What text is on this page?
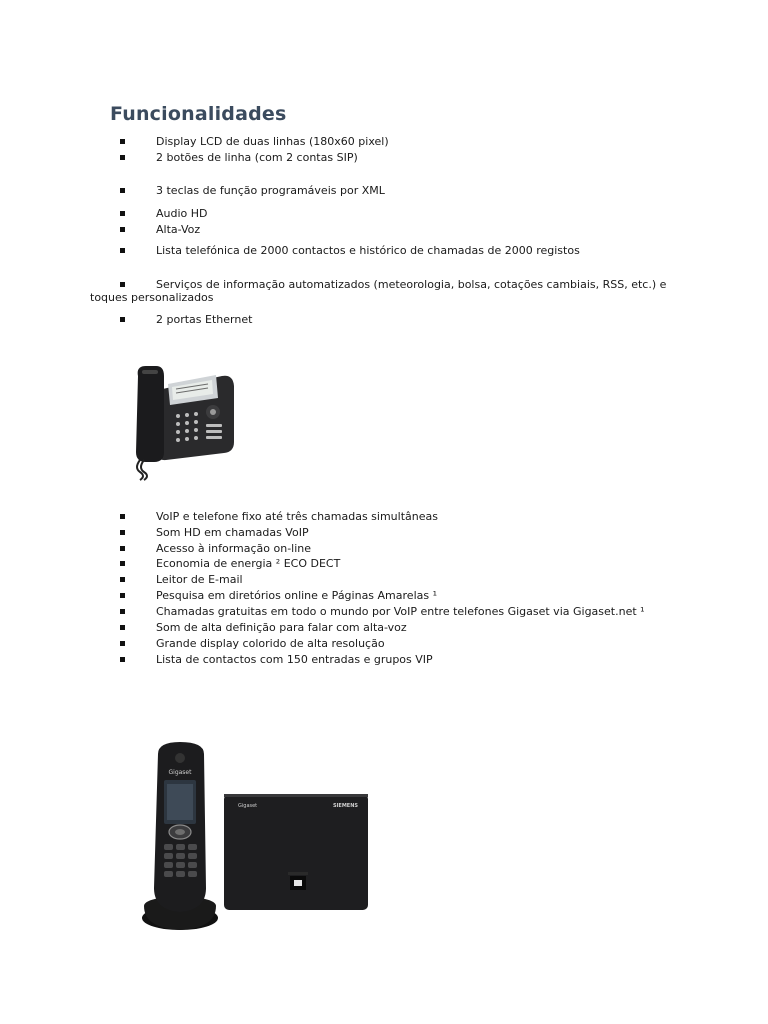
Funcionalidades
Display LCD de duas linhas (180x60 pixel)
2 botões de linha (com 2 contas SIP)
3 teclas de função programáveis por XML
Audio HD
Alta-Voz
Lista telefónica de 2000 contactos e histórico de chamadas de 2000 registos
Serviços de informação automatizados (meteorologia, bolsa, cotações cambiais, RSS, etc.) e toques personalizados
2 portas Ethernet
VoIP e telefone fixo até três chamadas simultâneas
Som HD em chamadas VoIP
Acesso à informação on-line
Economia de energia ² ECO DECT
Leitor de E-mail
Pesquisa em diretórios online e Páginas Amarelas ¹
Chamadas gratuitas em todo o mundo por VoIP entre telefones Gigaset via Gigaset.net ¹
Som de alta definição para falar com alta-voz
Grande display colorido de alta resolução
Lista de contactos com 150 entradas e grupos VIP
Gigaset
Gigaset	SIEMENS
